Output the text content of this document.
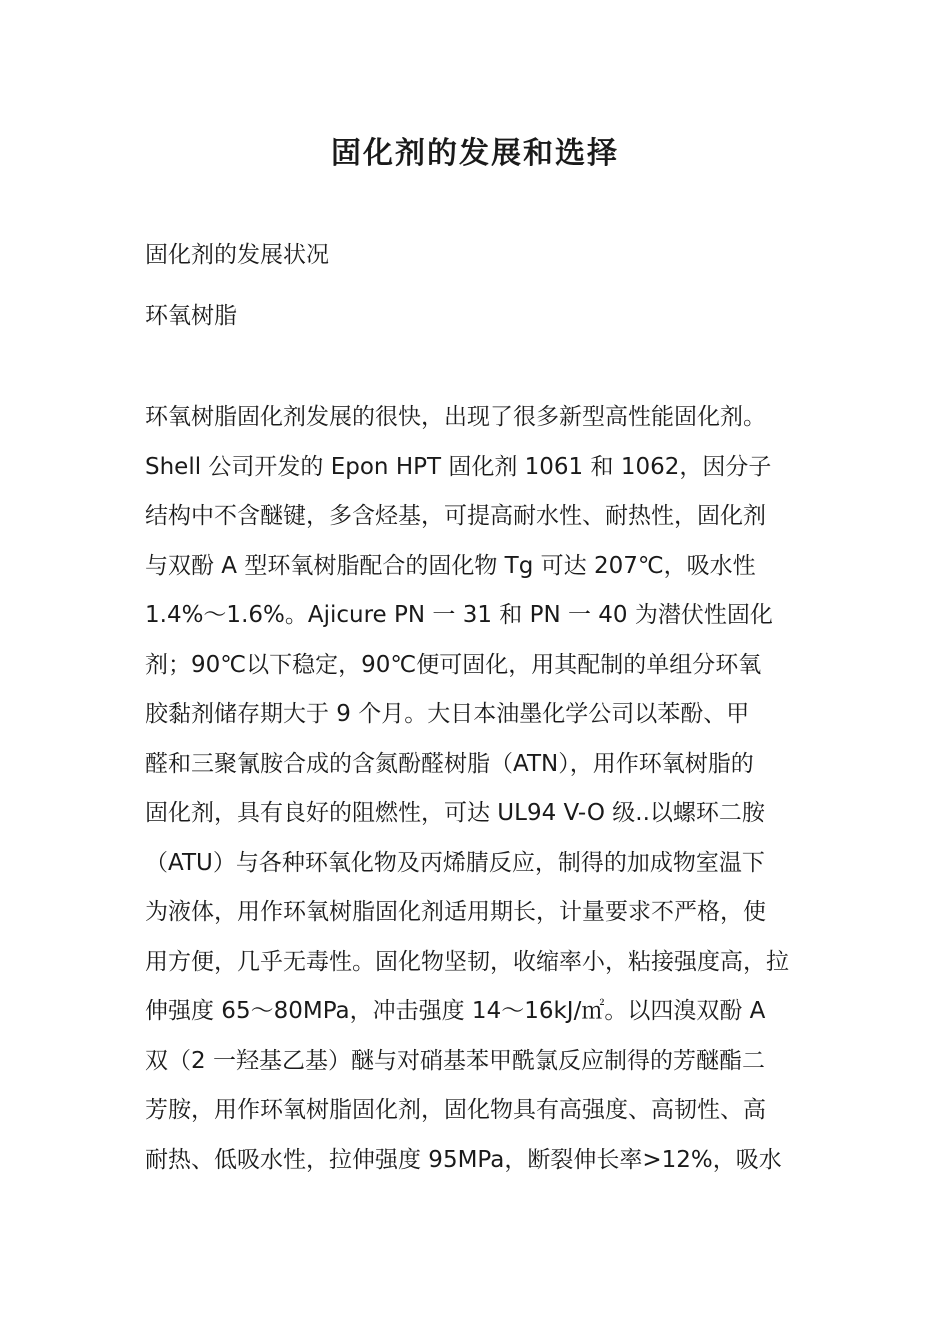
固化剂的发展和选择
固化剂的发展状况
环氧树脂
环氧树脂固化剂发展的很快，出现了很多新型高性能固化剂。
Shell 公司开发的 Epon HPT 固化剂 1061 和 1062，因分子
结构中不含醚键，多含烃基，可提高耐水性、耐热性，固化剂
与双酚 A 型环氧树脂配合的固化物 Tg 可达 207℃，吸水性
1.4%～1.6%。Ajicure PN 一 31 和 PN 一 40 为潜伏性固化
剂；90℃以下稳定，90℃便可固化，用其配制的单组分环氧
胶黏剂储存期大于 9 个月。大日本油墨化学公司以苯酚、甲
醛和三聚氰胺合成的含氮酚醛树脂（ATN），用作环氧树脂的
固化剂，具有良好的阻燃性，可达 UL94 V-O 级..以螺环二胺
（ATU）与各种环氧化物及丙烯腈反应，制得的加成物室温下
为液体，用作环氧树脂固化剂适用期长，计量要求不严格，使
用方便，几乎无毒性。固化物坚韧，收缩率小，粘接强度高，拉
伸强度 65～80MPa，冲击强度 14～16kJ/㎡。以四溴双酚 A
双（2 一羟基乙基）醚与对硝基苯甲酰氯反应制得的芳醚酯二
芳胺，用作环氧树脂固化剂，固化物具有高强度、高韧性、高
耐热、低吸水性，拉伸强度 95MPa，断裂伸长率>12%，吸水
